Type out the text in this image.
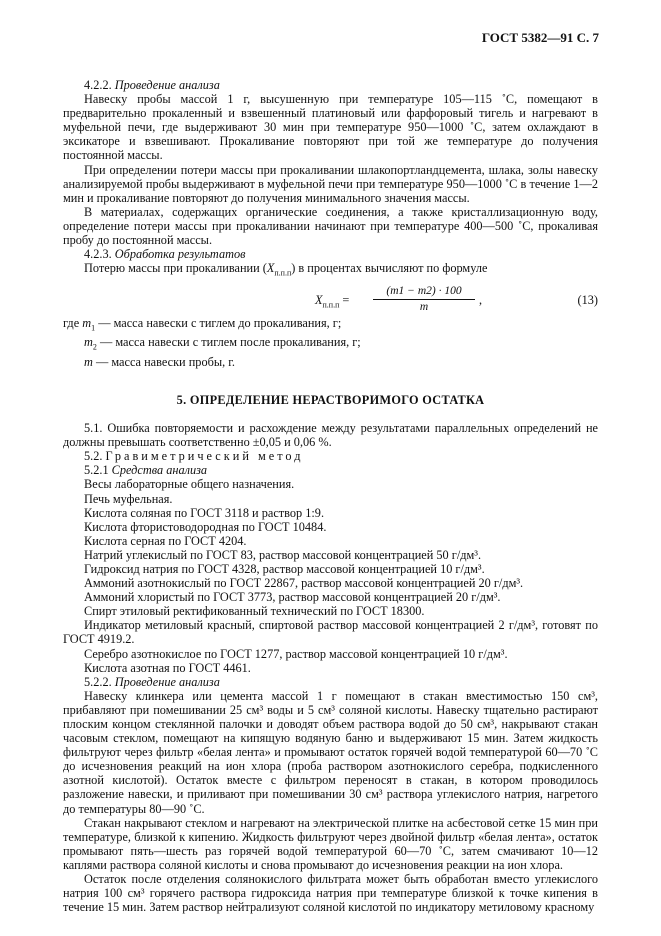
ГОСТ 5382—91 С. 7

4.2.2. Проведение анализа

Навеску пробы массой 1 г, высушенную при температуре 105—115 ˚С, помещают в предварительно прокаленный и взвешенный платиновый или фарфоровый тигель и нагревают в муфельной печи, где выдерживают 30 мин при температуре 950—1000 ˚С, затем охлаждают в эксикаторе и взвешивают. Прокаливание повторяют при той же температуре до получения постоянной массы.

При определении потери массы при прокаливании шлакопортландцемента, шлака, золы навеску анализируемой пробы выдерживают в муфельной печи при температуре 950—1000 ˚С в течение 1—2 мин и прокаливание повторяют до получения минимального значения массы.

В материалах, содержащих органические соединения, а также кристаллизационную воду, определение потери массы при прокаливании начинают при температуре 400—500 ˚С, прокаливая пробу до постоянной массы.

4.2.3. Обработка результатов

Потерю массы при прокаливании $(X_{п.п.п})$ в процентах вычисляют по формуле

$X_{п.п.п} = \frac{(m1 - m2) \cdot 100}{m}$ ,	(13)

где $m_1$ — масса навески с тиглем до прокаливания, г;

$m_2$ — масса навески с тиглем после прокаливания, г;

m — масса навески пробы, г.

5. ОПРЕДЕЛЕНИЕ НЕРАСТВОРИМОГО ОСТАТКА

5.1. Ошибка повторяемости и расхождение между результатами параллельных определений не должны превышать соответственно ±0,05 и 0,06 %.

5.2. Гравиметрический метод

5.2.1 Средства анализа

Весы лабораторные общего назначения.

Печь муфельная.

Кислота соляная по ГОСТ 3118 и раствор 1:9.

Кислота фтористоводородная по ГОСТ 10484.

Кислота серная по ГОСТ 4204.

Натрий углекислый по ГОСТ 83, раствор массовой концентрацией 50 г/дм³.

Гидроксид натрия по ГОСТ 4328, раствор массовой концентрацией 10 г/дм³.

Аммоний азотнокислый по ГОСТ 22867, раствор массовой концентрацией 20 г/дм³.

Аммоний хлористый по ГОСТ 3773, раствор массовой концентрацией 20 г/дм³.

Спирт этиловый ректификованный технический по ГОСТ 18300.

Индикатор метиловый красный, спиртовой раствор массовой концентрацией 2 г/дм³, готовят по ГОСТ 4919.2.

Серебро азотнокислое по ГОСТ 1277, раствор массовой концентрацией 10 г/дм³.

Кислота азотная по ГОСТ 4461.

5.2.2. Проведение анализа

Навеску клинкера или цемента массой 1 г помещают в стакан вместимостью 150 см³, прибавляют при помешивании 25 см³ воды и 5 см³ соляной кислоты. Навеску тщательно растирают плоским концом стеклянной палочки и доводят объем раствора водой до 50 см³, накрывают стакан часовым стеклом, помещают на кипящую водяную баню и выдерживают 15 мин. Затем жидкость фильтруют через фильтр «белая лента» и промывают остаток горячей водой температурой 60—70 ˚С до исчезновения реакций на ион хлора (проба раствором азотнокислого серебра, подкисленного азотной кислотой). Остаток вместе с фильтром переносят в стакан, в котором проводилось разложение навески, и приливают при помешивании 30 см³ раствора углекислого натрия, нагретого до температуры 80—90 ˚С.

Стакан накрывают стеклом и нагревают на электрической плитке на асбестовой сетке 15 мин при температуре, близкой к кипению. Жидкость фильтруют через двойной фильтр «белая лента», остаток промывают пять—шесть раз горячей водой температурой 60—70 ˚С, затем смачивают 10—12 каплями раствора соляной кислоты и снова промывают до исчезновения реакции на ион хлора.

Остаток после отделения солянокислого фильтрата может быть обработан вместо углекислого натрия 100 см³ горячего раствора гидроксида натрия при температуре близкой к точке кипения в течение 15 мин. Затем раствор нейтрализуют соляной кислотой по индикатору метиловому красному
